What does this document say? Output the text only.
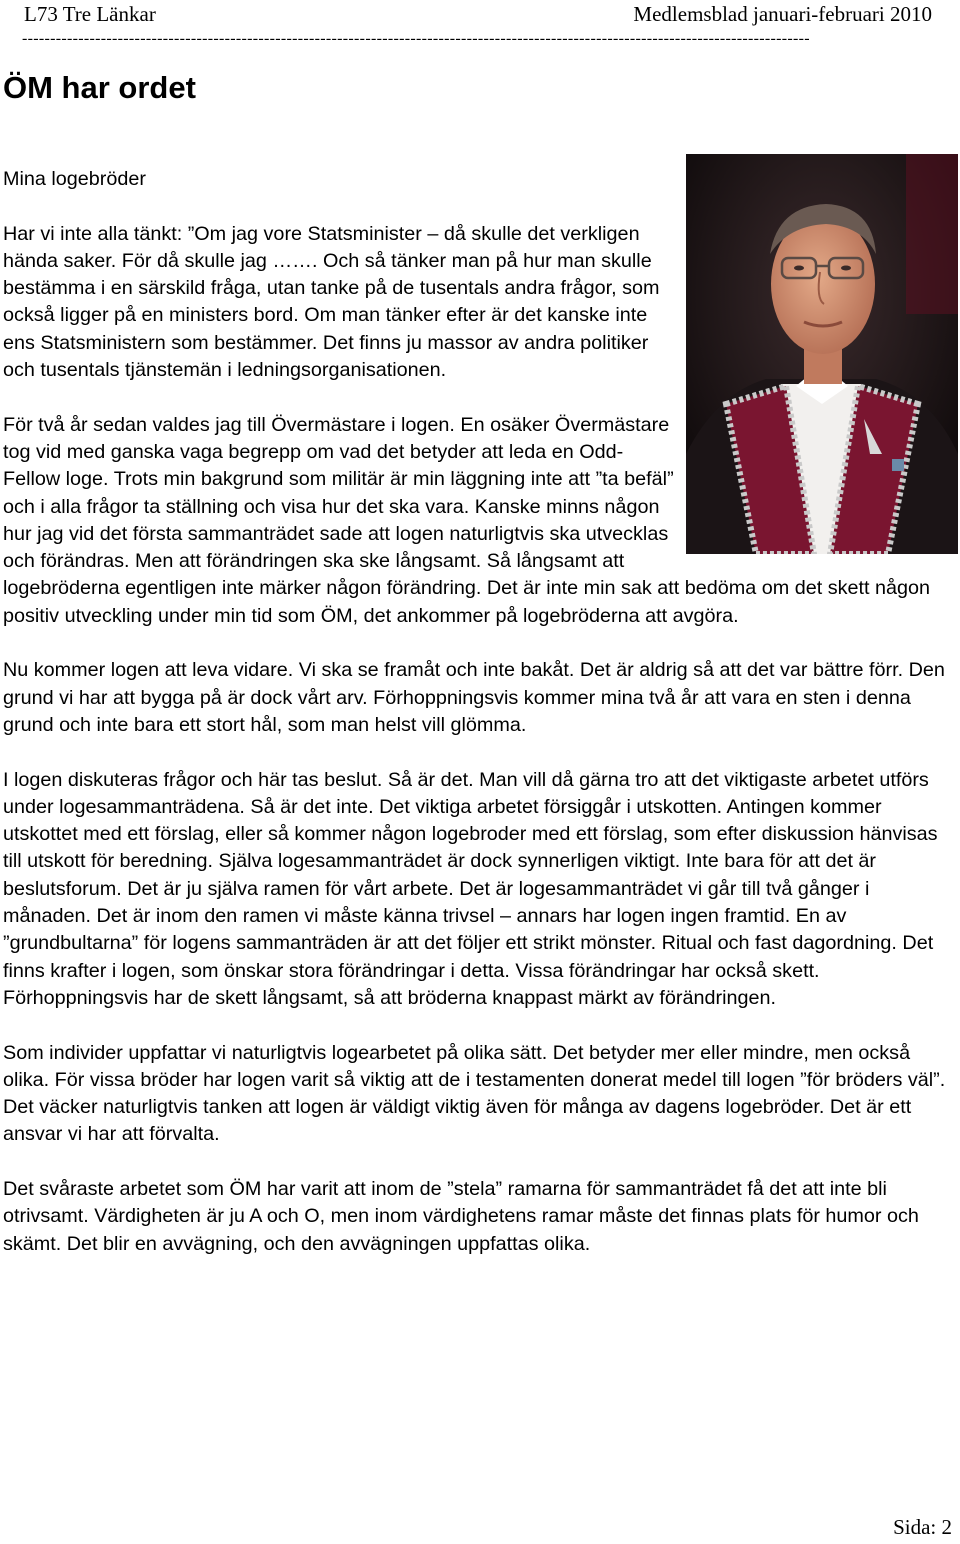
L73 Tre Länkar	Medlemsblad januari-februari 2010
--------------------------------------------------------------------------------------------------------------------------------------------
ÖM har ordet

Mina logebröder

Har vi inte alla tänkt: ”Om jag vore Statsminister – då skulle det verkligen hända saker. För då skulle jag ……. Och så tänker man på hur man skulle bestämma i en särskild fråga, utan tanke på de tusentals andra frågor, som också ligger på en ministers bord. Om man tänker efter är det kanske inte ens Statsministern som bestämmer. Det finns ju massor av andra politiker och tusentals tjänstemän i ledningsorganisationen.

För två år sedan valdes jag till Övermästare i logen. En osäker Övermästare tog vid med ganska vaga begrepp om vad det betyder att leda en Odd-Fellow loge. Trots min bakgrund som militär är min läggning inte att ”ta befäl” och i alla frågor ta ställning och visa hur det ska vara. Kanske minns någon hur jag vid det första sammanträdet sade att logen naturligtvis ska utvecklas och förändras. Men att förändringen ska ske långsamt. Så långsamt att logebröderna egentligen inte märker någon förändring. Det är inte min sak att bedöma om det skett någon positiv utveckling under min tid som ÖM, det ankommer på logebröderna att avgöra.

Nu kommer logen att leva vidare. Vi ska se framåt och inte bakåt. Det är aldrig så att det var bättre förr. Den grund vi har att bygga på är dock vårt arv. Förhoppningsvis kommer mina två år att vara en sten i denna grund och inte bara ett stort hål, som man helst vill glömma.

I logen diskuteras frågor och här tas beslut. Så är det. Man vill då gärna tro att det viktigaste arbetet utförs under logesammanträdena. Så är det inte. Det viktiga arbetet försiggår i utskotten. Antingen kommer utskottet med ett förslag, eller så kommer någon logebroder med ett förslag, som efter diskussion hänvisas till utskott för beredning. Själva logesammanträdet är dock synnerligen viktigt. Inte bara för att det är beslutsforum. Det är ju själva ramen för vårt arbete. Det är logesammanträdet vi går till två gånger i månaden. Det är inom den ramen vi måste känna trivsel – annars har logen ingen framtid. En av ”grundbultarna” för logens sammanträden är att det följer ett strikt mönster. Ritual och fast dagordning. Det finns krafter i logen, som önskar stora förändringar i detta. Vissa förändringar har också skett. Förhoppningsvis har de skett långsamt, så att bröderna knappast märkt av förändringen.

Som individer uppfattar vi naturligtvis logearbetet på olika sätt. Det betyder mer eller mindre, men också olika. För vissa bröder har logen varit så viktig att de i testamenten donerat medel till logen ”för bröders väl”. Det väcker naturligtvis tanken att logen är väldigt viktig även för många av dagens logebröder. Det är ett ansvar vi har att förvalta.

Det svåraste arbetet som ÖM har varit att inom de ”stela” ramarna för sammanträdet få det att inte bli otrivsamt. Värdigheten är ju A och O, men inom värdighetens ramar måste det finnas plats för humor och skämt. Det blir en avvägning, och den avvägningen uppfattas olika.

Sida: 2
